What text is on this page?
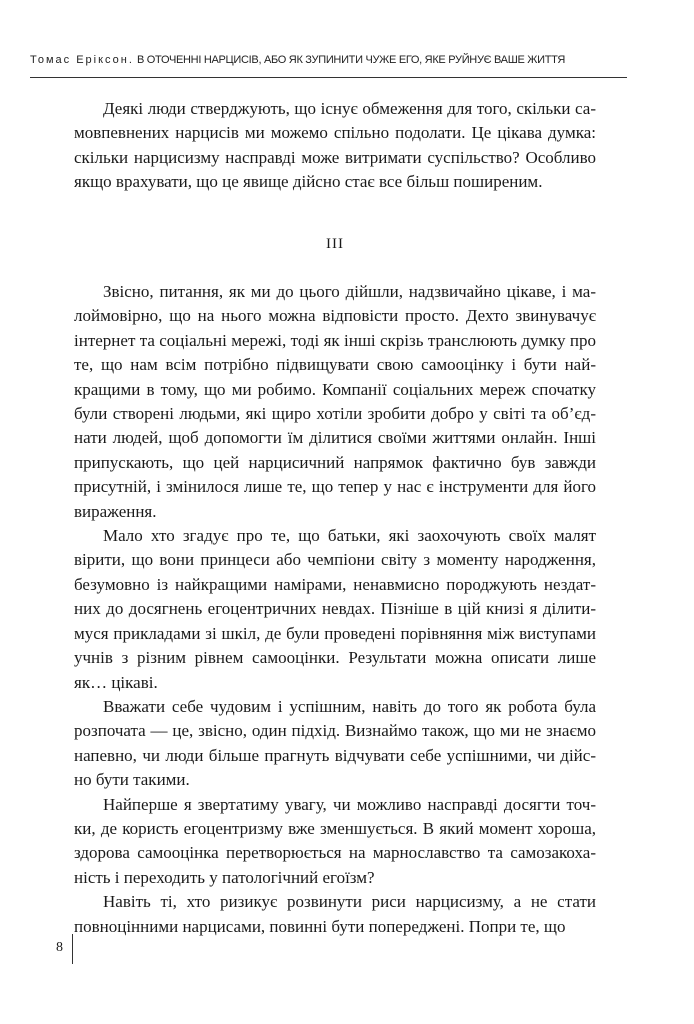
Томас Еріксон. В ОТОЧЕННІ НАРЦИСІВ, АБО ЯК ЗУПИНИТИ ЧУЖЕ ЕГО, ЯКЕ РУЙНУЄ ВАШЕ ЖИТТЯ

Деякі люди стверджують, що існує обмеження для того, скільки самовпевнених нарцисів ми можемо спільно подолати. Це цікава думка: скільки нарцисизму насправді може витримати суспільство? Особливо якщо врахувати, що це явище дійсно стає все більш поширеним.

III

Звісно, питання, як ми до цього дійшли, надзвичайно цікаве, і малоймовірно, що на нього можна відповісти просто. Дехто звинувачує інтернет та соціальні мережі, тоді як інші скрізь транслюють думку про те, що нам всім потрібно підвищувати свою самооцінку і бути найкращими в тому, що ми робимо. Компанії соціальних мереж спочатку були створені людьми, які щиро хотіли зробити добро у світі та об’єднати людей, щоб допомогти їм ділитися своїми життями онлайн. Інші припускають, що цей нарцисичний напрямок фактично був завжди присутній, і змінилося лише те, що тепер у нас є інструменти для його вираження.

Мало хто згадує про те, що батьки, які заохочують своїх малят вірити, що вони принцеси або чемпіони світу з моменту народження, безумовно із найкращими намірами, ненавмисно породжують нездатних до досягнень егоцентричних невдах. Пізніше в цій книзі я ділитимуся прикладами зі шкіл, де були проведені порівняння між виступами учнів з різним рівнем самооцінки. Результати можна описати лише як… цікаві.

Вважати себе чудовим і успішним, навіть до того як робота була розпочата — це, звісно, один підхід. Визнаймо також, що ми не знаємо напевно, чи люди більше прагнуть відчувати себе успішними, чи дійсно бути такими.

Найперше я звертатиму увагу, чи можливо насправді досягти точки, де користь егоцентризму вже зменшується. В який момент хороша, здорова самооцінка перетворюється на марнославство та самозакоханість і переходить у патологічний егоїзм?

Навіть ті, хто ризикує розвинути риси нарцисизму, а не стати повноцінними нарцисами, повинні бути попереджені. Попри те, що

8
